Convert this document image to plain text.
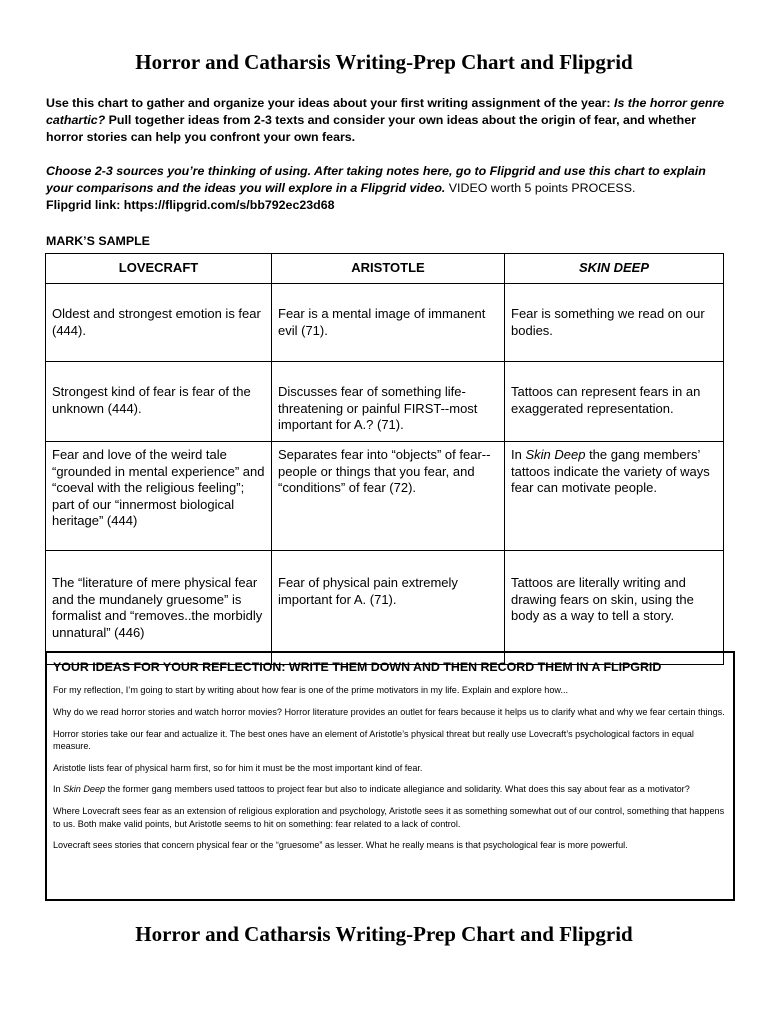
Horror and Catharsis Writing-Prep Chart and Flipgrid
Use this chart to gather and organize your ideas about your first writing assignment of the year: Is the horror genre cathartic? Pull together ideas from 2-3 texts and consider your own ideas about the origin of fear, and whether horror stories can help you confront your own fears.
Choose 2-3 sources you’re thinking of using. After taking notes here, go to Flipgrid and use this chart to explain your comparisons and the ideas you will explore in a Flipgrid video. VIDEO worth 5 points PROCESS.
Flipgrid link: https://flipgrid.com/s/bb792ec23d68
MARK’S SAMPLE
LOVECRAFT	ARISTOTLE	SKIN DEEP
Oldest and strongest emotion is fear (444).	Fear is a mental image of immanent evil (71).	Fear is something we read on our bodies.
Strongest kind of fear is fear of the unknown (444).	Discusses fear of something life-threatening or painful FIRST--most important for A.? (71).	Tattoos can represent fears in an exaggerated representation.
Fear and love of the weird tale “grounded in mental experience” and “coeval with the religious feeling”; part of our “innermost biological heritage” (444)	Separates fear into “objects” of fear--people or things that you fear, and “conditions” of fear (72).	In Skin Deep the gang members’ tattoos indicate the variety of ways fear can motivate people.
The “literature of mere physical fear and the mundanely gruesome” is formalist and “removes..the morbidly unnatural” (446)	Fear of physical pain extremely important for A. (71).	Tattoos are literally writing and drawing fears on skin, using the body as a way to tell a story.
YOUR IDEAS FOR YOUR REFLECTION: WRITE THEM DOWN AND THEN RECORD THEM IN A FLIPGRID

For my reflection, I’m going to start by writing about how fear is one of the prime motivators in my life. Explain and explore how...

Why do we read horror stories and watch horror movies? Horror literature provides an outlet for fears because it helps us to clarify what and why we fear certain things.

Horror stories take our fear and actualize it. The best ones have an element of Aristotle’s physical threat but really use Lovecraft’s psychological factors in equal measure.

Aristotle lists fear of physical harm first, so for him it must be the most important kind of fear.

In Skin Deep the former gang members used tattoos to project fear but also to indicate allegiance and solidarity. What does this say about fear as a motivator?

Where Lovecraft sees fear as an extension of religious exploration and psychology, Aristotle sees it as something somewhat out of our control, something that happens to us. Both make valid points, but Aristotle seems to hit on something: fear related to a lack of control.

Lovecraft sees stories that concern physical fear or the “gruesome” as lesser. What he really means is that psychological fear is more powerful.

Horror and Catharsis Writing-Prep Chart and Flipgrid
